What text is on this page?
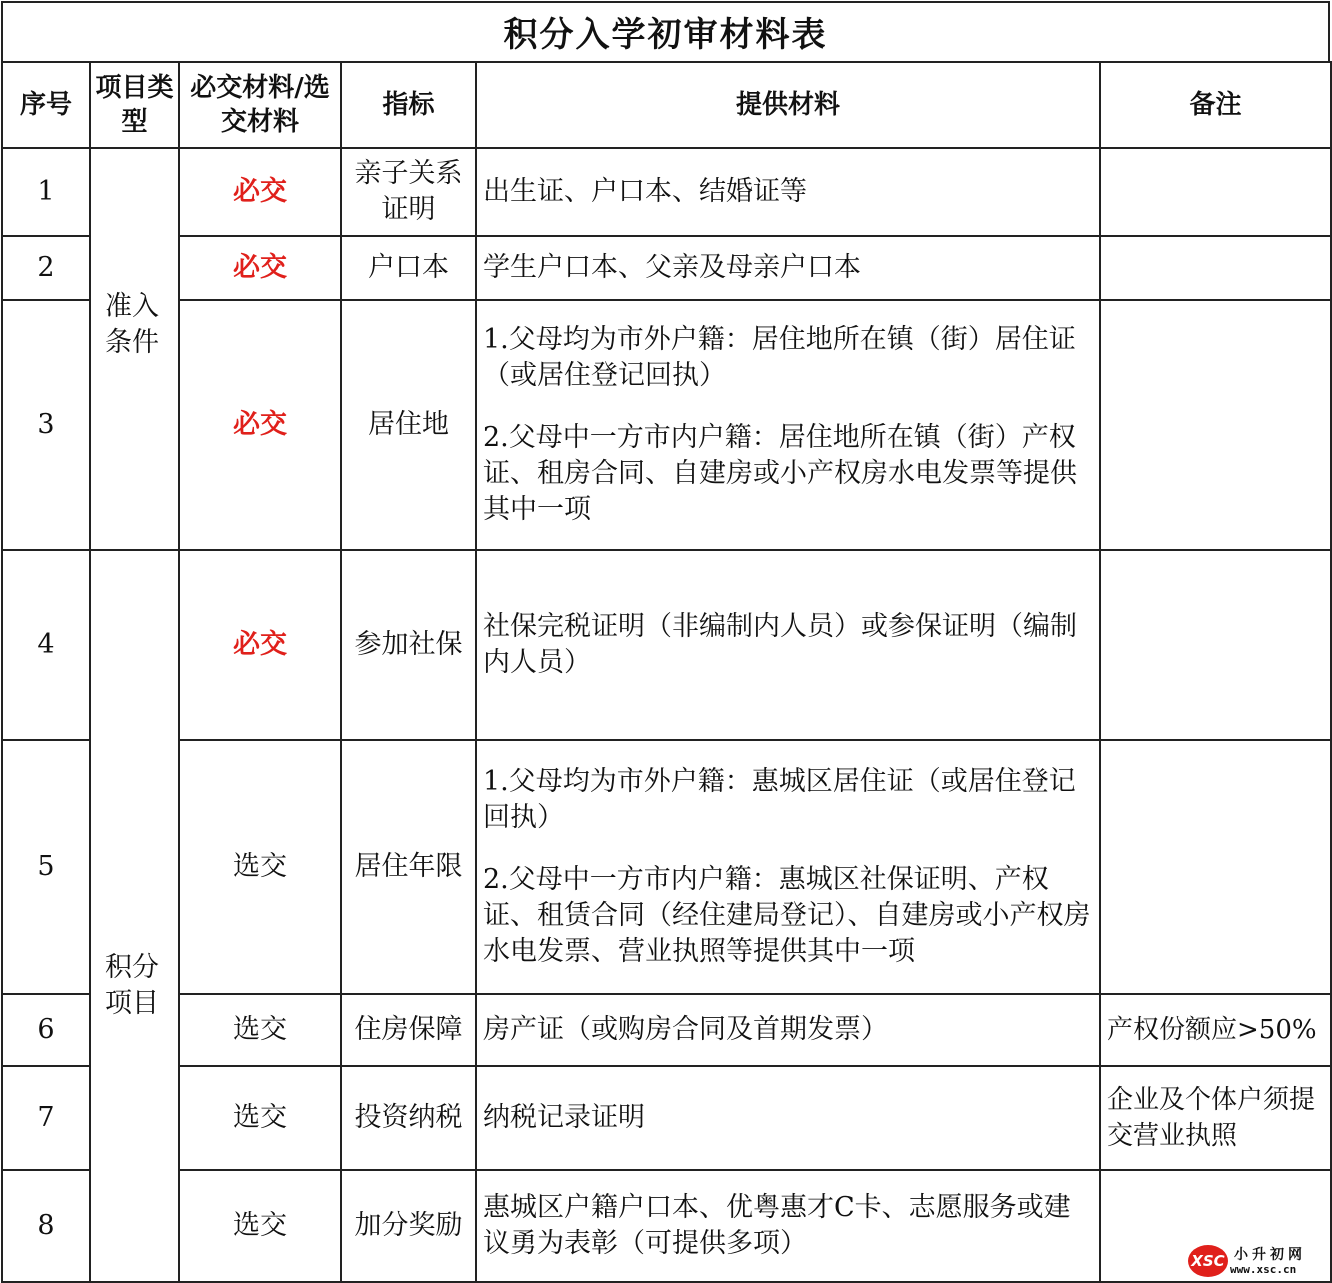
积分入学初审材料表
序号	项目类型	必交材料/选交材料	指标	提供材料	备注
1	准入条件	必交	亲子关系证明	出生证、户口本、结婚证等	
2		必交	户口本	学生户口本、父亲及母亲户口本	
3		必交	居住地	1.父母均为市外户籍：居住地所在镇（街）居住证（或居住登记回执）
2.父母中一方市内户籍：居住地所在镇（街）产权证、租房合同、自建房或小产权房水电发票等提供其中一项	

4	积分项目	必交	参加社保	社保完税证明（非编制内人员）或参保证明（编制内人员）	
5		选交	居住年限	1.父母均为市外户籍：惠城区居住证（或居住登记回执）
2.父母中一方市内户籍：惠城区社保证明、产权证、租赁合同（经住建局登记）、自建房或小产权房水电发票、营业执照等提供其中一项	

6		选交	住房保障	房产证（或购房合同及首期发票）	产权份额应>50%
7		选交	投资纳税	纳税记录证明	企业及个体户须提交营业执照
8		选交	加分奖励	惠城区户籍户口本、优粤惠才C卡、志愿服务或建议勇为表彰（可提供多项）	
XSC 小升初网
www.xsc.cn
